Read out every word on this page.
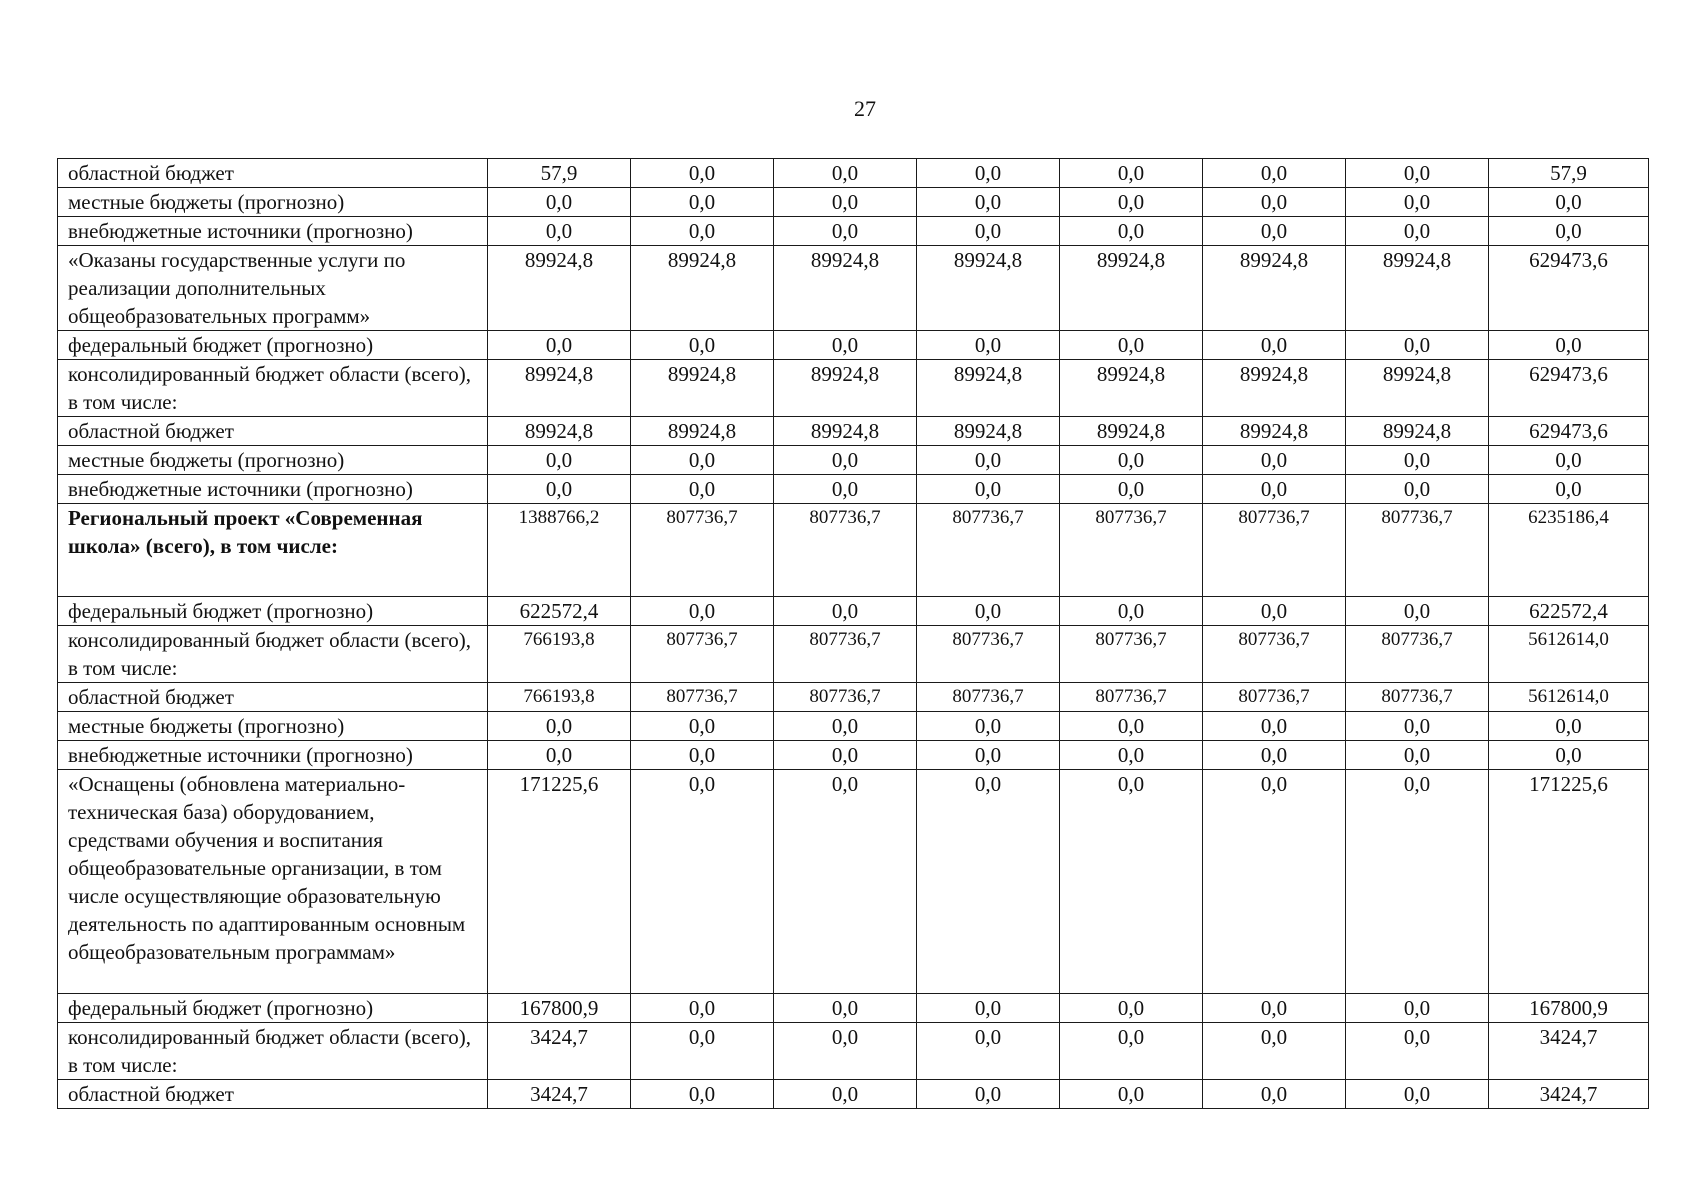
27
областной бюджет	57,9	0,0	0,0	0,0	0,0	0,0	0,0	57,9
местные бюджеты (прогнозно)	0,0	0,0	0,0	0,0	0,0	0,0	0,0	0,0
внебюджетные источники (прогнозно)	0,0	0,0	0,0	0,0	0,0	0,0	0,0	0,0
«Оказаны государственные услуги по реализации дополнительных общеобразовательных программ»	89924,8	89924,8	89924,8	89924,8	89924,8	89924,8	89924,8	629473,6
федеральный бюджет (прогнозно)	0,0	0,0	0,0	0,0	0,0	0,0	0,0	0,0
консолидированный бюджет области (всего), в том числе:	89924,8	89924,8	89924,8	89924,8	89924,8	89924,8	89924,8	629473,6
областной бюджет	89924,8	89924,8	89924,8	89924,8	89924,8	89924,8	89924,8	629473,6
местные бюджеты (прогнозно)	0,0	0,0	0,0	0,0	0,0	0,0	0,0	0,0
внебюджетные источники (прогнозно)	0,0	0,0	0,0	0,0	0,0	0,0	0,0	0,0
Региональный проект «Современная школа» (всего), в том числе:	1388766,2	807736,7	807736,7	807736,7	807736,7	807736,7	807736,7	6235186,4
федеральный бюджет (прогнозно)	622572,4	0,0	0,0	0,0	0,0	0,0	0,0	622572,4
консолидированный бюджет области (всего), в том числе:	766193,8	807736,7	807736,7	807736,7	807736,7	807736,7	807736,7	5612614,0
областной бюджет	766193,8	807736,7	807736,7	807736,7	807736,7	807736,7	807736,7	5612614,0
местные бюджеты (прогнозно)	0,0	0,0	0,0	0,0	0,0	0,0	0,0	0,0
внебюджетные источники (прогнозно)	0,0	0,0	0,0	0,0	0,0	0,0	0,0	0,0
«Оснащены (обновлена материально-техническая база) оборудованием, средствами обучения и воспитания общеобразовательные организации, в том числе осуществляющие образовательную деятельность по адаптированным основным общеобразовательным программам»	171225,6	0,0	0,0	0,0	0,0	0,0	0,0	171225,6
федеральный бюджет (прогнозно)	167800,9	0,0	0,0	0,0	0,0	0,0	0,0	167800,9
консолидированный бюджет области (всего), в том числе:	3424,7	0,0	0,0	0,0	0,0	0,0	0,0	3424,7
областной бюджет	3424,7	0,0	0,0	0,0	0,0	0,0	0,0	3424,7
